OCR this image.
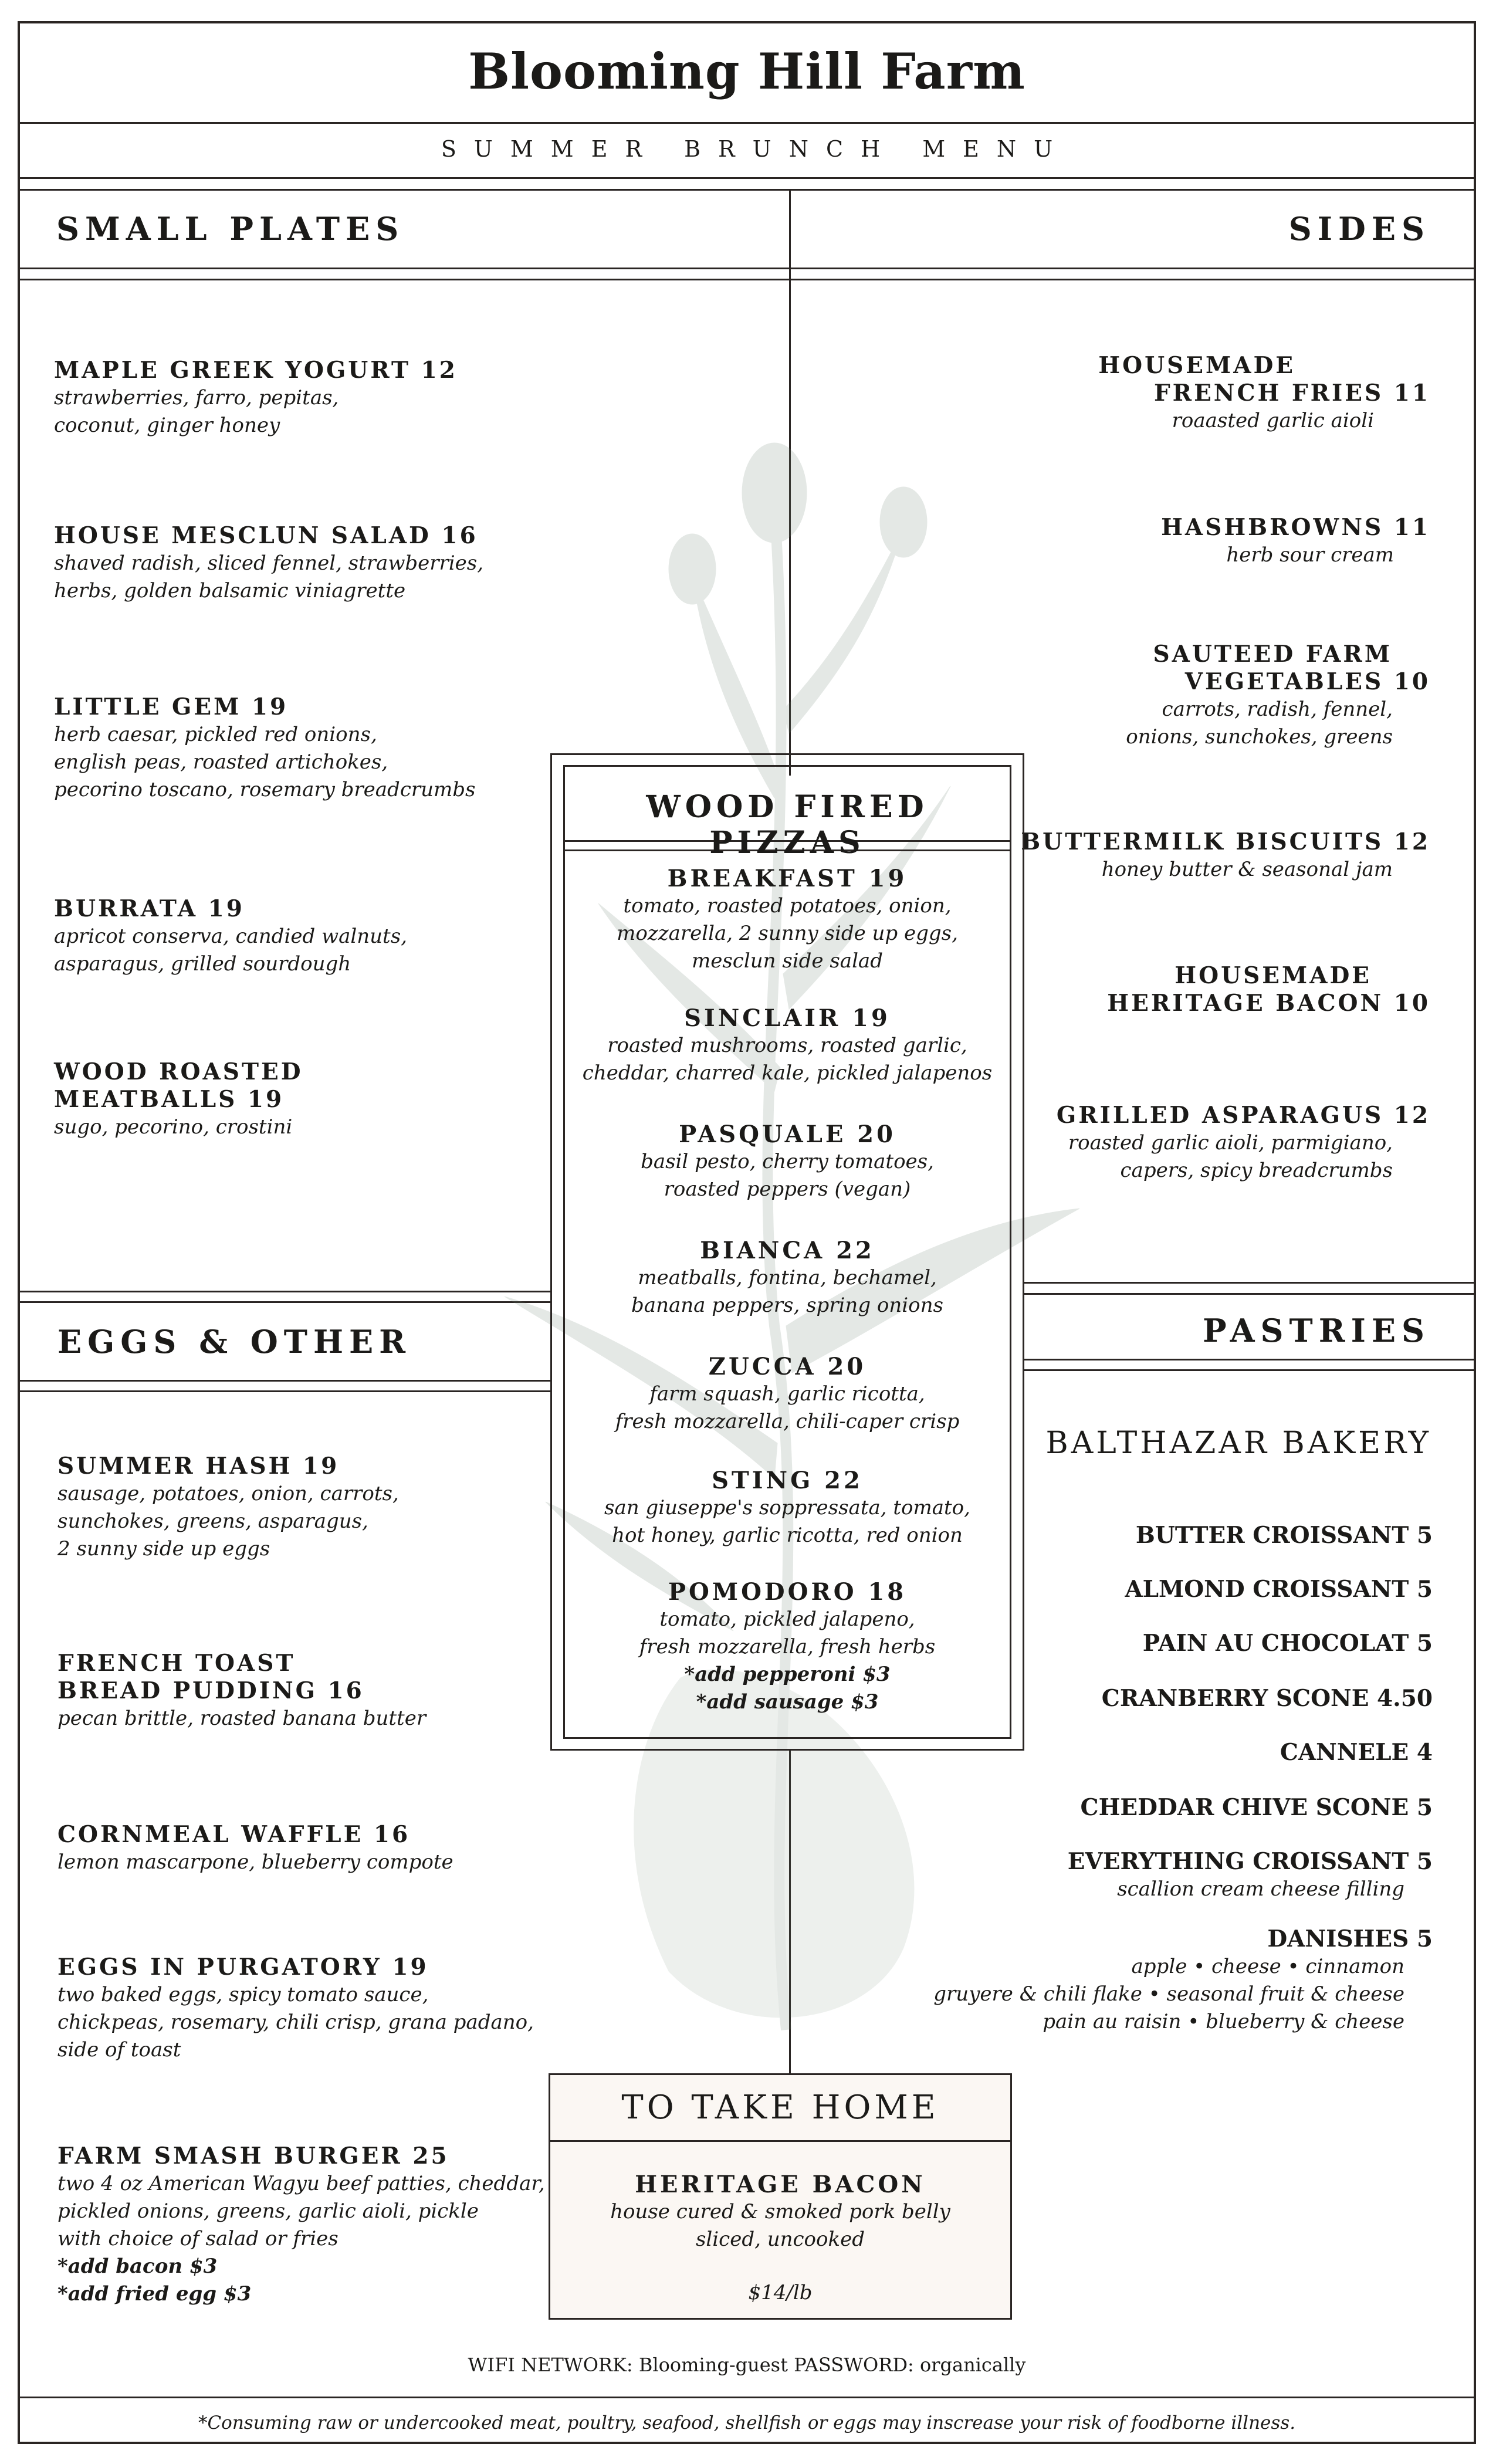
Blooming Hill Farm
SUMMER BRUNCH MENU
SMALL PLATES	SIDES
EGGS & OTHER	PASTRIES
MAPLE GREEK YOGURT 12
strawberries, farro, pepitas,
coconut, ginger honey
HOUSE MESCLUN SALAD 16
shaved radish, sliced fennel, strawberries,
herbs, golden balsamic viniagrette
LITTLE GEM 19
herb caesar, pickled red onions,
english peas, roasted artichokes,
pecorino toscano, rosemary breadcrumbs
BURRATA 19
apricot conserva, candied walnuts,
asparagus, grilled sourdough
WOOD ROASTED
MEATBALLS 19
sugo, pecorino, crostini
HOUSEMADE
FRENCH FRIES 11
roaasted garlic aioli
HASHBROWNS 11
herb sour cream
SAUTEED FARM
VEGETABLES 10
carrots, radish, fennel,
onions, sunchokes, greens
BUTTERMILK BISCUITS 12
honey butter & seasonal jam
HOUSEMADE
HERITAGE BACON 10
GRILLED ASPARAGUS 12
roasted garlic aioli, parmigiano,
capers, spicy breadcrumbs
WOOD FIRED PIZZAS
BREAKFAST 19
tomato, roasted potatoes, onion,
mozzarella, 2 sunny side up eggs,
mesclun side salad
SINCLAIR 19
roasted mushrooms, roasted garlic,
cheddar, charred kale, pickled jalapenos
PASQUALE 20
basil pesto, cherry tomatoes,
roasted peppers (vegan)
BIANCA 22
meatballs, fontina, bechamel,
banana peppers, spring onions
ZUCCA 20
farm squash, garlic ricotta,
fresh mozzarella, chili-caper crisp
STING 22
san giuseppe's soppressata, tomato,
hot honey, garlic ricotta, red onion
POMODORO 18
tomato, pickled jalapeno,
fresh mozzarella, fresh herbs
*add pepperoni $3
*add sausage $3
SUMMER HASH 19
sausage, potatoes, onion, carrots,
sunchokes, greens, asparagus,
2 sunny side up eggs
FRENCH TOAST
BREAD PUDDING 16
pecan brittle, roasted banana butter
CORNMEAL WAFFLE 16
lemon mascarpone, blueberry compote
EGGS IN PURGATORY 19
two baked eggs, spicy tomato sauce,
chickpeas, rosemary, chili crisp, grana padano,
side of toast
FARM SMASH BURGER 25
two 4 oz American Wagyu beef patties, cheddar,
pickled onions, greens, garlic aioli, pickle
with choice of salad or fries
*add bacon $3
*add fried egg $3
BALTHAZAR BAKERY
BUTTER CROISSANT 5
ALMOND CROISSANT 5
PAIN AU CHOCOLAT 5
CRANBERRY SCONE 4.50
CANNELE 4
CHEDDAR CHIVE SCONE 5
EVERYTHING CROISSANT 5
scallion cream cheese filling
DANISHES 5
apple • cheese • cinnamon
gruyere & chili flake • seasonal fruit & cheese
pain au raisin • blueberry & cheese
TO TAKE HOME
HERITAGE BACON
house cured & smoked pork belly
sliced, uncooked
$14/lb
WIFI NETWORK: Blooming-guest PASSWORD: organically
*Consuming raw or undercooked meat, poultry, seafood, shellfish or eggs may inscrease your risk of foodborne illness.
